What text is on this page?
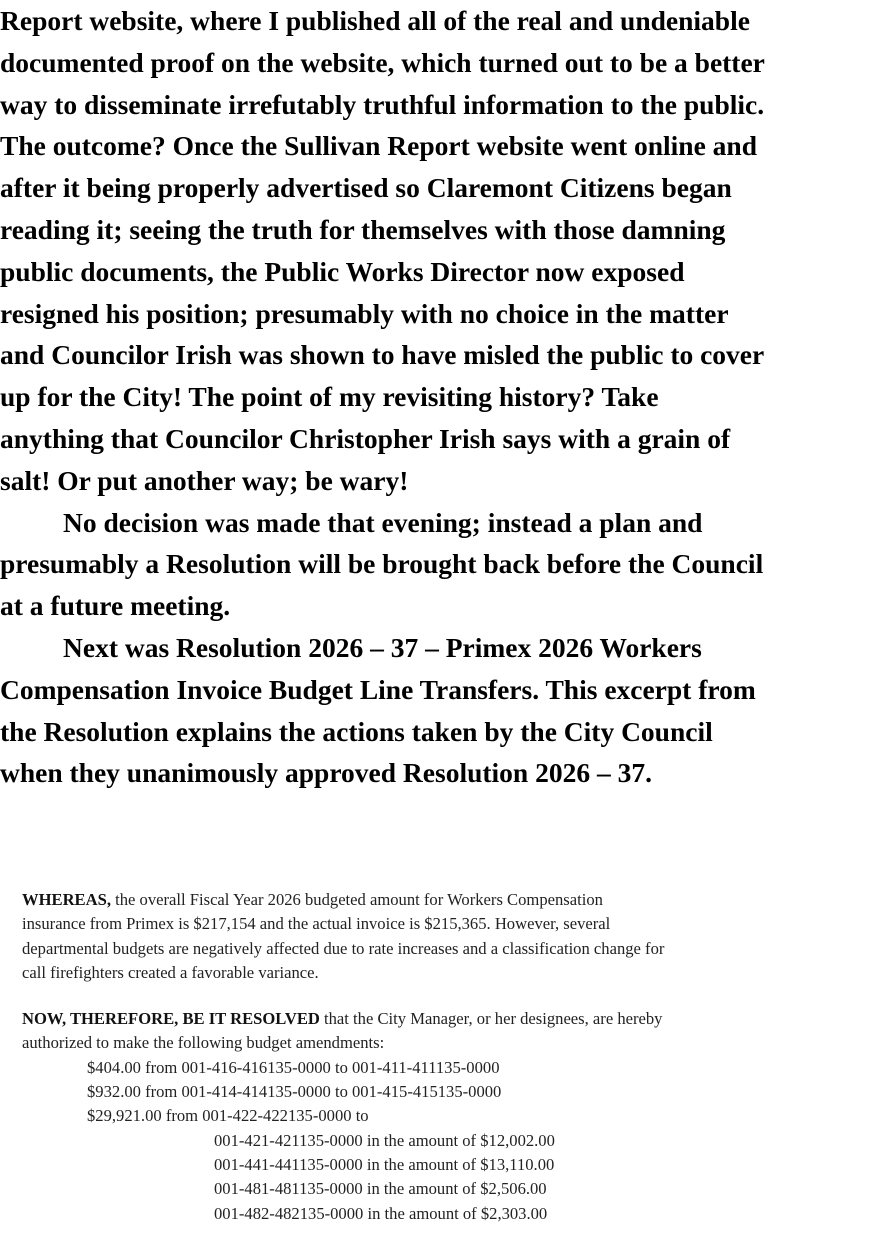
Report website, where I published all of the real and undeniable
documented proof on the website, which turned out to be a better
way to disseminate irrefutably truthful information to the public.
The outcome? Once the Sullivan Report website went online and
after it being properly advertised so Claremont Citizens began
reading it; seeing the truth for themselves with those damning
public documents, the Public Works Director now exposed
resigned his position; presumably with no choice in the matter
and Councilor Irish was shown to have misled the public to cover
up for the City! The point of my revisiting history? Take
anything that Councilor Christopher Irish says with a grain of
salt! Or put another way; be wary!

No decision was made that evening; instead a plan and
presumably a Resolution will be brought back before the Council
at a future meeting.

Next was Resolution 2026 – 37 – Primex 2026 Workers
Compensation Invoice Budget Line Transfers. This excerpt from
the Resolution explains the actions taken by the City Council
when they unanimously approved Resolution 2026 – 37.

WHEREAS, the overall Fiscal Year 2026 budgeted amount for Workers Compensation
insurance from Primex is $217,154 and the actual invoice is $215,365. However, several
departmental budgets are negatively affected due to rate increases and a classification change for
call firefighters created a favorable variance.

NOW, THEREFORE, BE IT RESOLVED that the City Manager, or her designees, are hereby
authorized to make the following budget amendments:

$404.00 from 001-416-416135-0000 to 001-411-411135-0000
$932.00 from 001-414-414135-0000 to 001-415-415135-0000
$29,921.00 from 001-422-422135-0000 to

001-421-421135-0000 in the amount of $12,002.00
001-441-441135-0000 in the amount of $13,110.00
001-481-481135-0000 in the amount of $2,506.00
001-482-482135-0000 in the amount of $2,303.00
